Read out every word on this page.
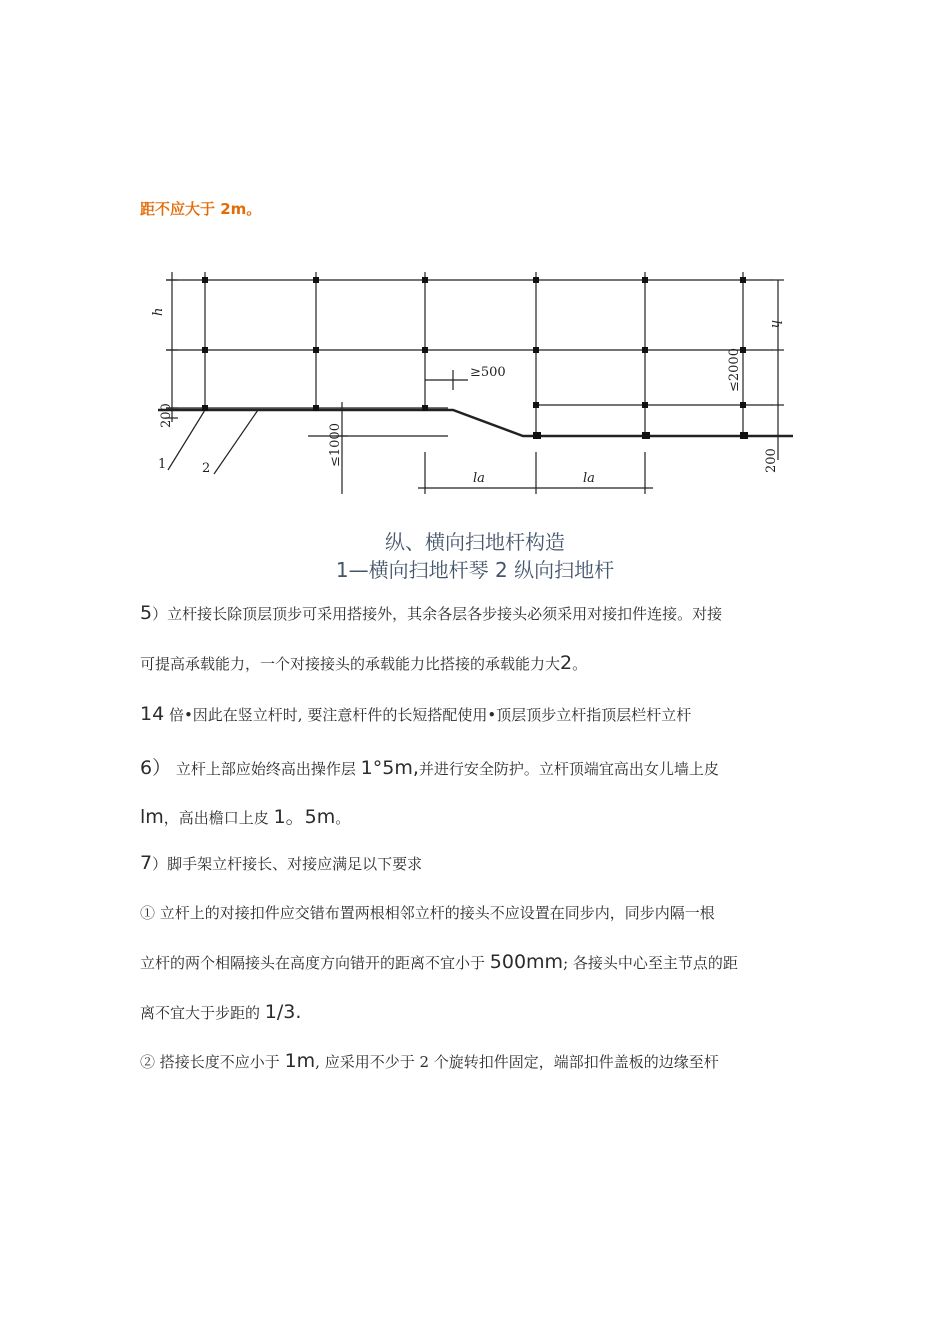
距不应大于 2m。
h
h
≥500	≤2000
200
200
≤1000
la	la
1	2
纵、横向扫地杆构造
1—横向扫地杆琴 2 纵向扫地杆
5）立杆接长除顶层顶步可采用搭接外，其余各层各步接头必须采用对接扣件连接。对接
可提高承载能力，一个对接接头的承载能力比搭接的承载能力大2。
14 倍•因此在竖立杆时, 要注意杆件的长短搭配使用•顶层顶步立杆指顶层栏杆立杆
6） 立杆上部应始终高出操作层 1°5m,并进行安全防护。立杆顶端宜高出女儿墙上皮
lm，高出檐口上皮 1。5m。
7）脚手架立杆接长、对接应满足以下要求
① 立杆上的对接扣件应交错布置两根相邻立杆的接头不应设置在同步内，同步内隔一根
立杆的两个相隔接头在高度方向错开的距离不宜小于 500mm; 各接头中心至主节点的距
离不宜大于步距的 1/3.
② 搭接长度不应小于 1m, 应采用不少于 2 个旋转扣件固定，端部扣件盖板的边缘至杆
